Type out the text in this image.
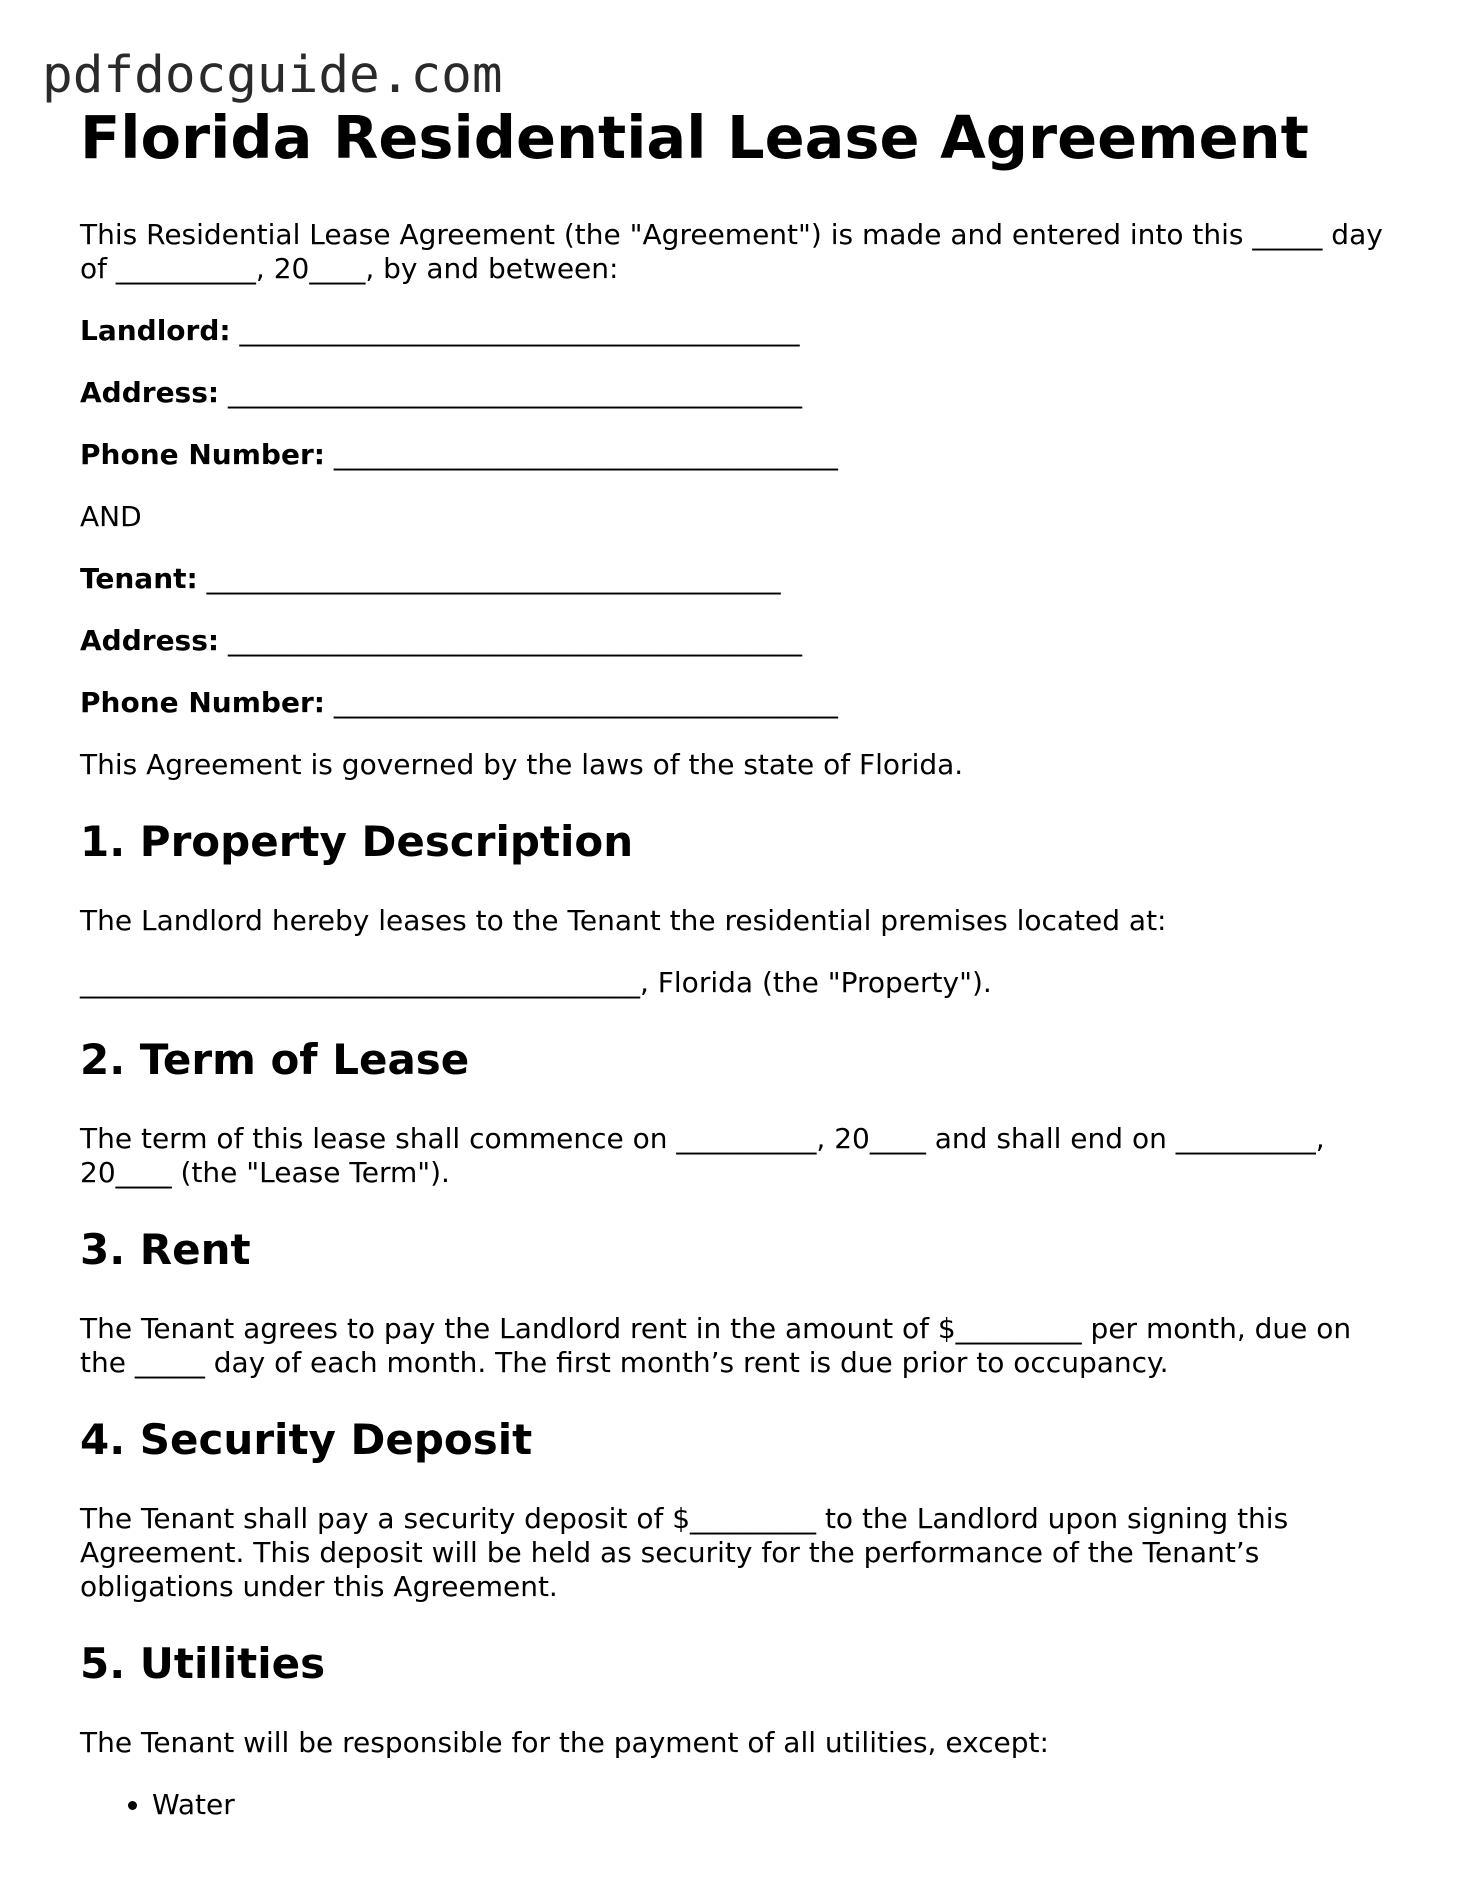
pdfdocguide.com
Florida Residential Lease Agreement

This Residential Lease Agreement (the "Agreement") is made and entered into this _____ day of __________, 20____, by and between:

Landlord: ________________________________________

Address: _________________________________________

Phone Number: ____________________________________

AND

Tenant: _________________________________________

Address: _________________________________________

Phone Number: ____________________________________

This Agreement is governed by the laws of the state of Florida.

1. Property Description

The Landlord hereby leases to the Tenant the residential premises located at:

________________________________________, Florida (the "Property").

2. Term of Lease

The term of this lease shall commence on __________, 20____ and shall end on __________, 20____ (the "Lease Term").

3. Rent

The Tenant agrees to pay the Landlord rent in the amount of $_________ per month, due on the _____ day of each month. The first month’s rent is due prior to occupancy.

4. Security Deposit

The Tenant shall pay a security deposit of $_________ to the Landlord upon signing this Agreement. This deposit will be held as security for the performance of the Tenant’s obligations under this Agreement.

5. Utilities

The Tenant will be responsible for the payment of all utilities, except:

• Water
